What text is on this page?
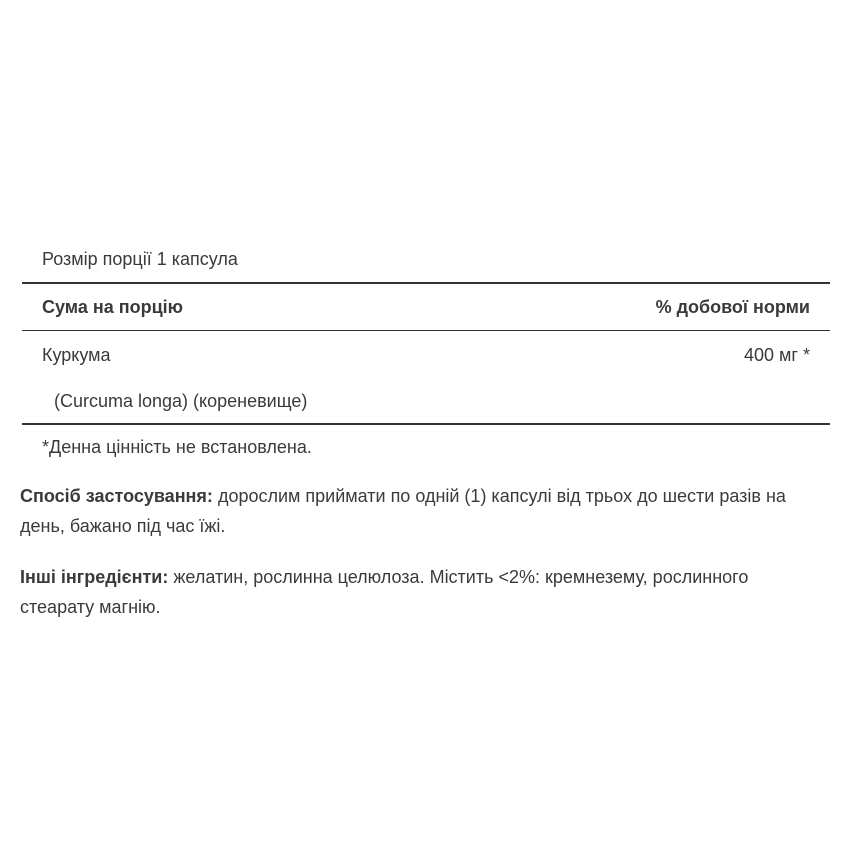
Розмір порції 1 капсула
Сума на порцію	% добової норми
Куркума	400 мг *
(Curcuma longa) (кореневище)
*Денна цінність не встановлена.
Спосіб застосування: дорослим приймати по одній (1) капсулі від трьох до шести разів на день, бажано під час їжі.
Інші інгредієнти: желатин, рослинна целюлоза. Містить <2%: кремнезему, рослинного стеарату магнію.
